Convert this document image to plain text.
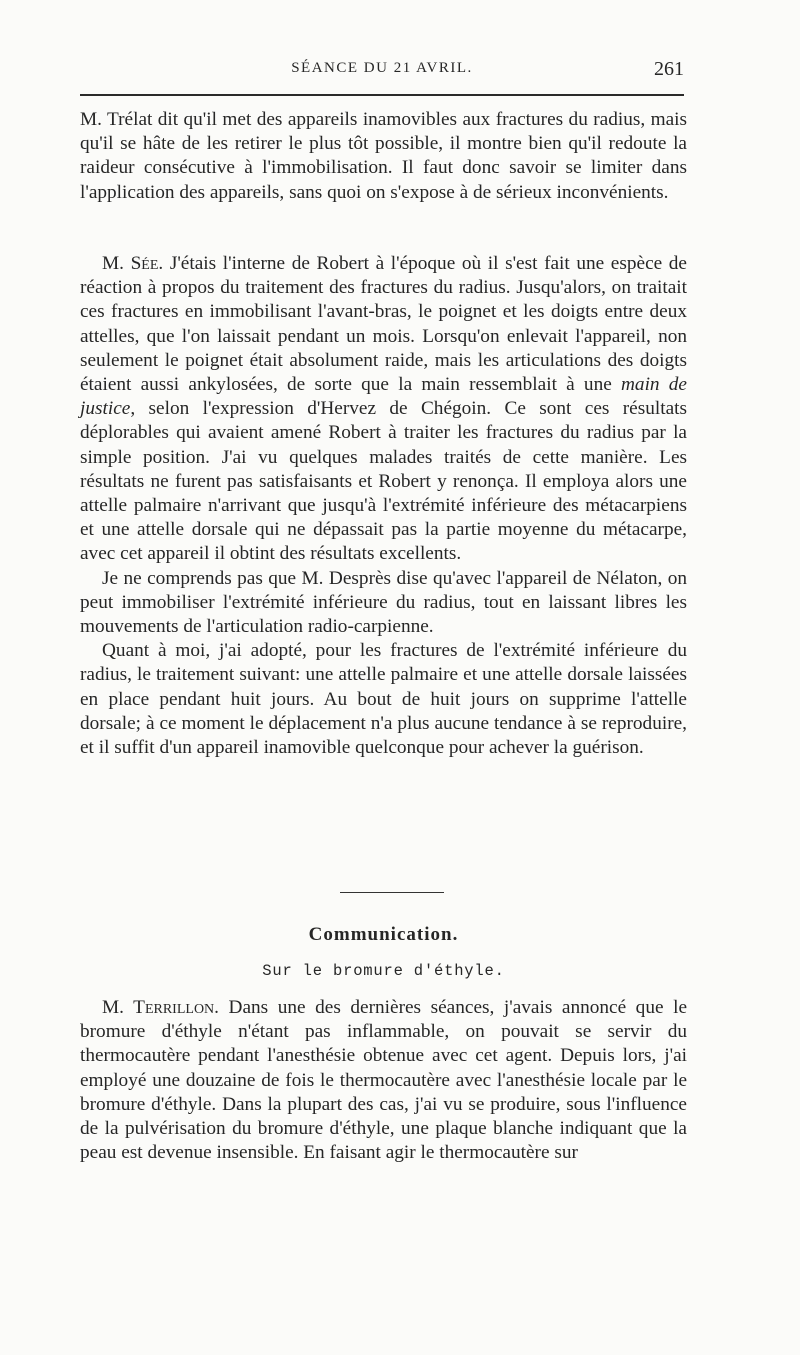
SÉANCE DU 21 AVRIL.	261

M. Trélat dit qu'il met des appareils inamovibles aux fractures du radius, mais qu'il se hâte de les retirer le plus tôt possible, il montre bien qu'il redoute la raideur consécutive à l'immobilisation. Il faut donc savoir se limiter dans l'application des appareils, sans quoi on s'expose à de sérieux inconvénients.

M. Sée. J'étais l'interne de Robert à l'époque où il s'est fait une espèce de réaction à propos du traitement des fractures du radius. Jusqu'alors, on traitait ces fractures en immobilisant l'avant-bras, le poignet et les doigts entre deux attelles, que l'on laissait pendant un mois. Lorsqu'on enlevait l'appareil, non seulement le poignet était absolument raide, mais les articulations des doigts étaient aussi ankylosées, de sorte que la main ressemblait à une main de justice, selon l'expression d'Hervez de Chégoin. Ce sont ces résultats déplorables qui avaient amené Robert à traiter les fractures du radius par la simple position. J'ai vu quelques malades traités de cette manière. Les résultats ne furent pas satisfaisants et Robert y renonça. Il employa alors une attelle palmaire n'arrivant que jusqu'à l'extrémité inférieure des métacarpiens et une attelle dorsale qui ne dépassait pas la partie moyenne du métacarpe, avec cet appareil il obtint des résultats excellents.

Je ne comprends pas que M. Desprès dise qu'avec l'appareil de Nélaton, on peut immobiliser l'extrémité inférieure du radius, tout en laissant libres les mouvements de l'articulation radio-carpienne.

Quant à moi, j'ai adopté, pour les fractures de l'extrémité inférieure du radius, le traitement suivant: une attelle palmaire et une attelle dorsale laissées en place pendant huit jours. Au bout de huit jours on supprime l'attelle dorsale; à ce moment le déplacement n'a plus aucune tendance à se reproduire, et il suffit d'un appareil inamovible quelconque pour achever la guérison.

Communication.
Sur le bromure d'éthyle.

M. Terrillon. Dans une des dernières séances, j'avais annoncé que le bromure d'éthyle n'étant pas inflammable, on pouvait se servir du thermocautère pendant l'anesthésie obtenue avec cet agent. Depuis lors, j'ai employé une douzaine de fois le thermocautère avec l'anesthésie locale par le bromure d'éthyle. Dans la plupart des cas, j'ai vu se produire, sous l'influence de la pulvérisation du bromure d'éthyle, une plaque blanche indiquant que la peau est devenue insensible. En faisant agir le thermocautère sur
